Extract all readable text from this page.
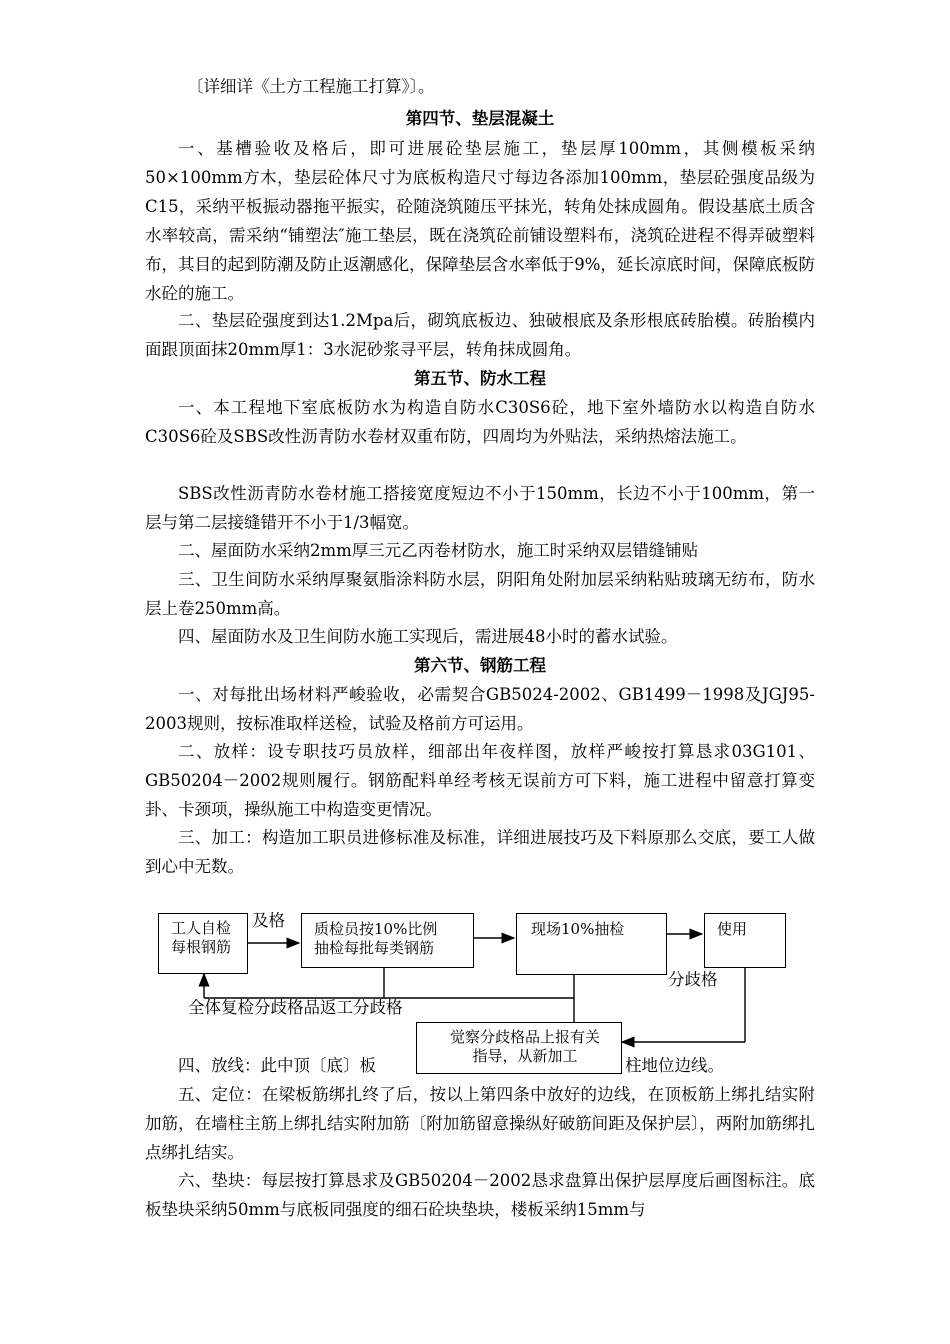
〔详细详《土方工程施工打算》〕。

第四节、垫层混凝土

一、基槽验收及格后，即可进展砼垫层施工，垫层厚100mm，其侧模板采纳50×100mm方木，垫层砼体尺寸为底板构造尺寸每边各添加100mm，垫层砼强度品级为C15，采纳平板振动器拖平振实，砼随浇筑随压平抹光，转角处抹成圆角。假设基底土质含水率较高，需采纳“铺塑法″施工垫层，既在浇筑砼前铺设塑料布，浇筑砼进程不得弄破塑料布，其目的起到防潮及防止返潮感化，保障垫层含水率低于9%，延长凉底时间，保障底板防水砼的施工。

二、垫层砼强度到达1.2Mpa后，砌筑底板边、独破根底及条形根底砖胎模。砖胎模内面跟顶面抹20mm厚1：3水泥砂浆寻平层，转角抹成圆角。

第五节、防水工程

一、本工程地下室底板防水为构造自防水C30S6砼，地下室外墙防水以构造自防水C30S6砼及SBS改性沥青防水卷材双重布防，四周均为外贴法，采纳热熔法施工。

SBS改性沥青防水卷材施工搭接宽度短边不小于150mm，长边不小于100mm，第一层与第二层接缝错开不小于1/3幅宽。

二、屋面防水采纳2mm厚三元乙丙卷材防水，施工时采纳双层错缝铺贴

三、卫生间防水采纳厚聚氨脂涂料防水层，阴阳角处附加层采纳粘贴玻璃无纺布，防水层上卷250mm高。

四、屋面防水及卫生间防水施工实现后，需进展48小时的蓄水试验。

第六节、钢筋工程

一、对每批出场材料严峻验收，必需契合GB5024-2002、GB1499－1998及JGJ95-2003规则，按标准取样送检，试验及格前方可运用。

二、放样：设专职技巧员放样，细部出年夜样图，放样严峻按打算恳求03G101、GB50204－2002规则履行。钢筋配料单经考核无误前方可下料，施工进程中留意打算变卦、卡颈项，操纵施工中构造变更情况。

三、加工：构造加工职员进修标准及标准，详细进展技巧及下料原那么交底，要工人做到心中无数。

及格
工人自检
每根钢筋
质检员按10%比例
抽检每批每类钢筋
现场10%抽检	使用
分歧格
全体复检分歧格品返工分歧格
觉察分歧格品上报有关
指导，从新加工

四、放线：此中顶〔底〕板	柱地位边线。

五、定位：在梁板筋绑扎终了后，按以上第四条中放好的边线，在顶板筋上绑扎结实附加筋，在墙柱主筋上绑扎结实附加筋〔附加筋留意操纵好破筋间距及保护层〕，两附加筋绑扎点绑扎结实。

六、垫块：每层按打算恳求及GB50204－2002恳求盘算出保护层厚度后画图标注。底板垫块采纳50mm与底板同强度的细石砼块垫块，楼板采纳15mm与
